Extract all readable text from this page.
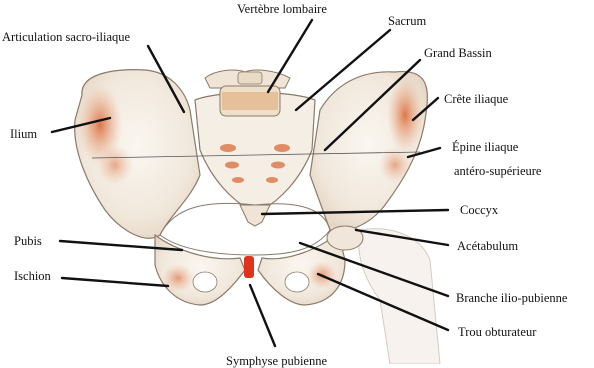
Vertèbre lombaire
Sacrum
Articulation sacro-iliaque
Grand Bassin
Crête iliaque
Ilium
Épine iliaque
antéro-supérieure
Coccyx
Pubis	Acétabulum
Ischion
Branche ilio-pubienne
Trou obturateur
Symphyse pubienne
